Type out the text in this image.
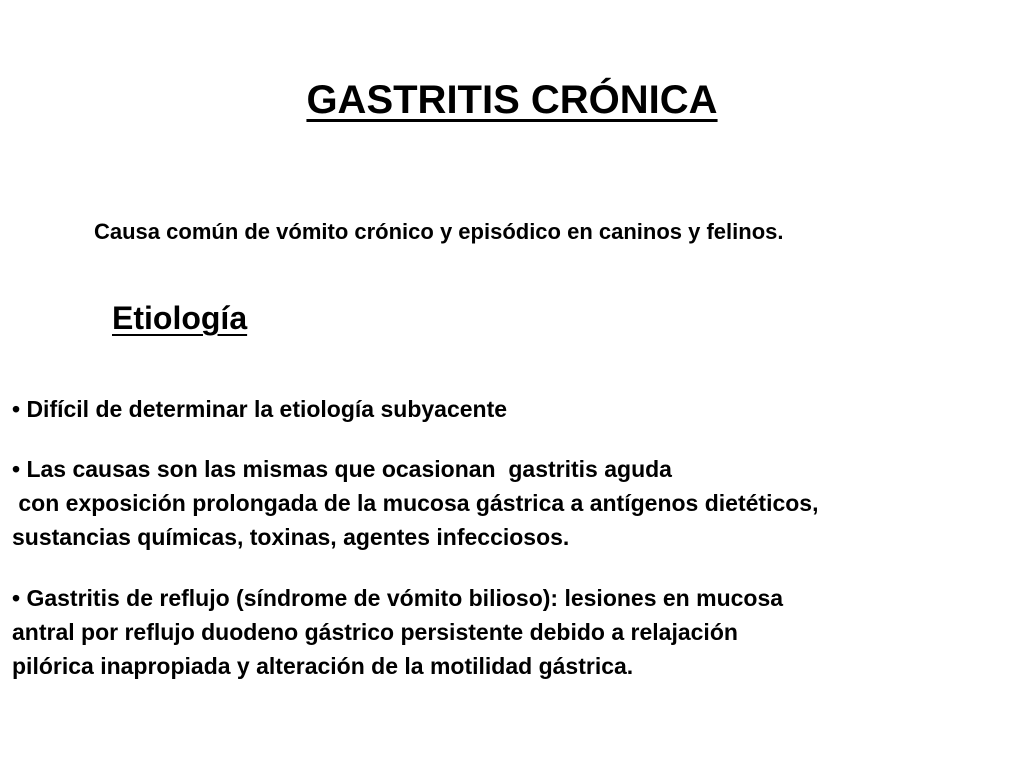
GASTRITIS CRÓNICA
Causa común de vómito crónico y episódico en caninos y felinos.
Etiología

• Difícil de determinar la etiología subyacente

• Las causas son las mismas que ocasionan  gastritis aguda
con exposición prolongada de la mucosa gástrica a antígenos dietéticos,
sustancias químicas, toxinas, agentes infecciosos.

• Gastritis de reflujo (síndrome de vómito bilioso): lesiones en mucosa
antral por reflujo duodeno gástrico persistente debido a relajación
pilórica inapropiada y alteración de la motilidad gástrica.
